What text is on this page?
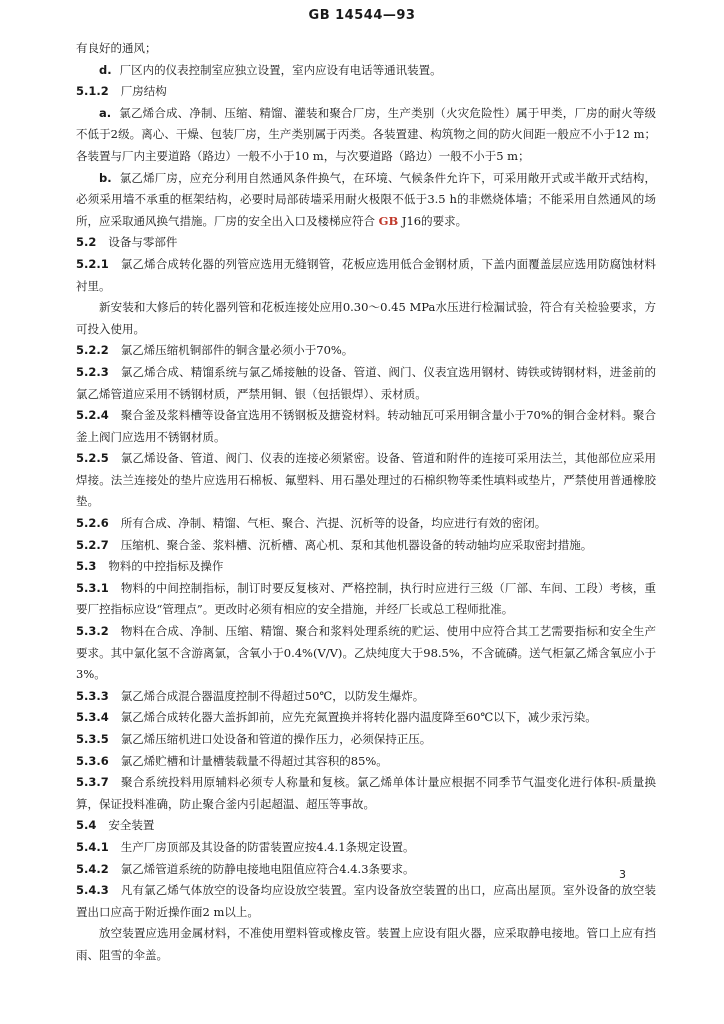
GB 14544—93

有良好的通风；

d. 厂区内的仪表控制室应独立设置，室内应设有电话等通讯装置。

5.1.2 厂房结构

a. 氯乙烯合成、净制、压缩、精馏、灌装和聚合厂房，生产类别（火灾危险性）属于甲类，厂房的耐火等级不低于2级。离心、干燥、包装厂房，生产类别属于丙类。各装置建、构筑物之间的防火间距一般应不小于12 m；各装置与厂内主要道路（路边）一般不小于10 m，与次要道路（路边）一般不小于5 m；

b. 氯乙烯厂房，应充分利用自然通风条件换气，在环境、气候条件允许下，可采用敞开式或半敞开式结构，必须采用墙不承重的框架结构，必要时局部砖墙采用耐火极限不低于3.5 h的非燃烧体墙；不能采用自然通风的场所，应采取通风换气措施。厂房的安全出入口及楼梯应符合 GB J16的要求。

5.2 设备与零部件

5.2.1 氯乙烯合成转化器的列管应选用无缝钢管，花板应选用低合金钢材质，下盖内面覆盖层应选用防腐蚀材料衬里。

新安装和大修后的转化器列管和花板连接处应用0.30～0.45 MPa水压进行检漏试验，符合有关检验要求，方可投入使用。

5.2.2 氯乙烯压缩机铜部件的铜含量必须小于70%。

5.2.3 氯乙烯合成、精馏系统与氯乙烯接触的设备、管道、阀门、仪表宜选用钢材、铸铁或铸钢材料，进釜前的氯乙烯管道应采用不锈钢材质，严禁用铜、银（包括银焊）、汞材质。

5.2.4 聚合釜及浆料槽等设备宜选用不锈钢板及搪瓷材料。转动轴瓦可采用铜含量小于70%的铜合金材料。聚合釜上阀门应选用不锈钢材质。

5.2.5 氯乙烯设备、管道、阀门、仪表的连接必须紧密。设备、管道和附件的连接可采用法兰，其他部位应采用焊接。法兰连接处的垫片应选用石棉板、氟塑料、用石墨处理过的石棉织物等柔性填料或垫片，严禁使用普通橡胶垫。

5.2.6 所有合成、净制、精馏、气柜、聚合、汽提、沉析等的设备，均应进行有效的密闭。

5.2.7 压缩机、聚合釜、浆料槽、沉析槽、离心机、泵和其他机器设备的转动轴均应采取密封措施。

5.3 物料的中控指标及操作

5.3.1 物料的中间控制指标，制订时要反复核对、严格控制，执行时应进行三级（厂部、车间、工段）考核，重要厂控指标应设“管理点”。更改时必须有相应的安全措施，并经厂长或总工程师批准。

5.3.2 物料在合成、净制、压缩、精馏、聚合和浆料处理系统的贮运、使用中应符合其工艺需要指标和安全生产要求。其中氯化氢不含游离氯，含氧小于0.4%(V/V)。乙炔纯度大于98.5%，不含硫磷。送气柜氯乙烯含氧应小于3%。

5.3.3 氯乙烯合成混合器温度控制不得超过50℃，以防发生爆炸。

5.3.4 氯乙烯合成转化器大盖拆卸前，应先充氮置换并将转化器内温度降至60℃以下，减少汞污染。

5.3.5 氯乙烯压缩机进口处设备和管道的操作压力，必须保持正压。

5.3.6 氯乙烯贮槽和计量槽装载量不得超过其容积的85%。

5.3.7 聚合系统投料用原辅料必须专人称量和复核。氯乙烯单体计量应根据不同季节气温变化进行体积-质量换算，保证投料准确，防止聚合釜内引起超温、超压等事故。

5.4 安全装置

5.4.1 生产厂房顶部及其设备的防雷装置应按4.4.1条规定设置。

5.4.2 氯乙烯管道系统的防静电接地电阻值应符合4.4.3条要求。

5.4.3 凡有氯乙烯气体放空的设备均应设放空装置。室内设备放空装置的出口，应高出屋顶。室外设备的放空装置出口应高于附近操作面2 m以上。

放空装置应选用金属材料，不准使用塑料管或橡皮管。装置上应设有阻火器，应采取静电接地。管口上应有挡雨、阻雪的伞盖。

3
